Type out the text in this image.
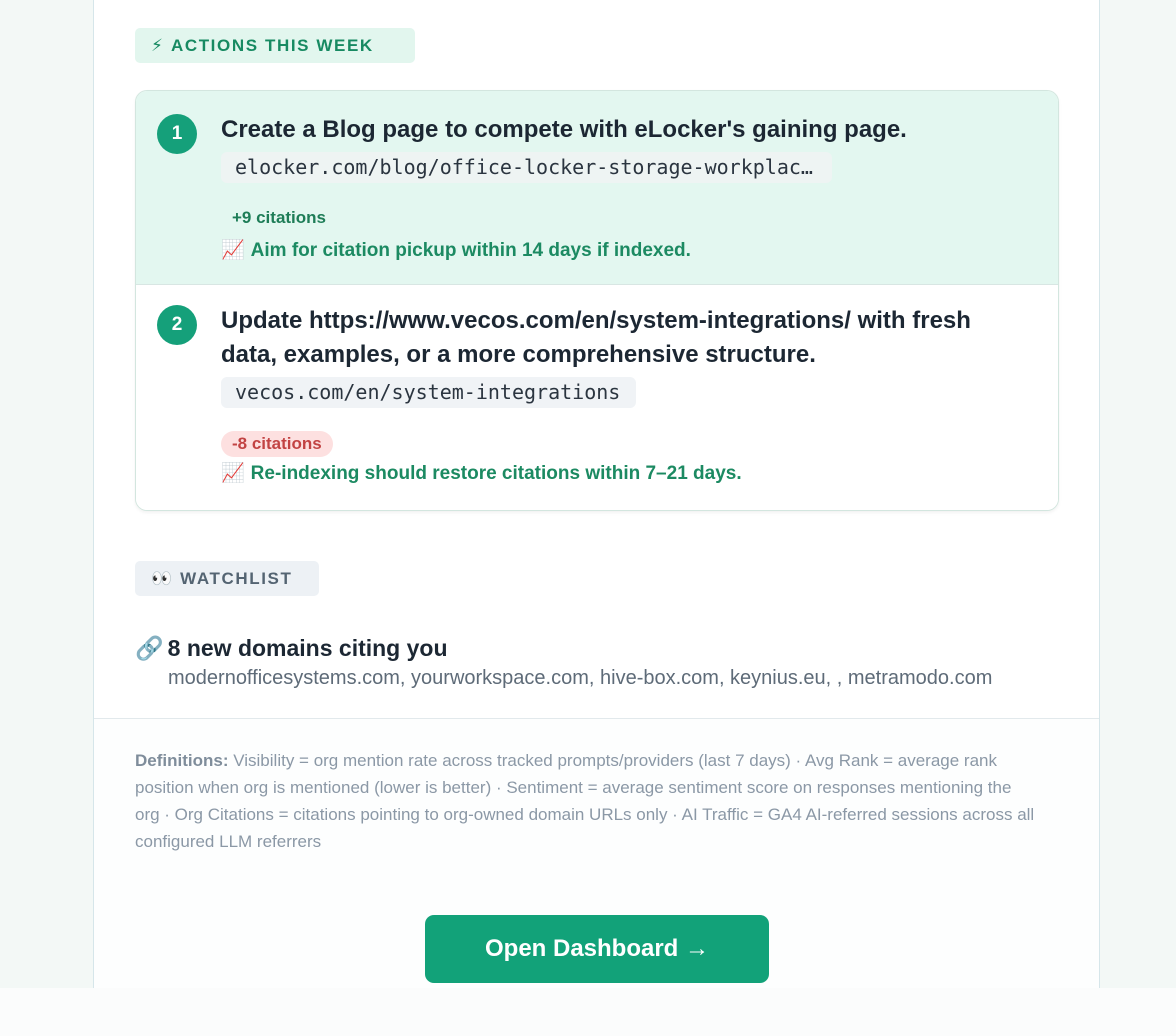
⚡ ACTIONS THIS WEEK
1	Create a Blog page to compete with eLocker's gaining page.
elocker.com/blog/office-locker-storage-workplac…
+9 citations
📈 Aim for citation pickup within 14 days if indexed.
2	Update https://www.vecos.com/en/system-integrations/ with fresh data, examples, or a more comprehensive structure.
vecos.com/en/system-integrations
-8 citations
📈 Re-indexing should restore citations within 7–21 days.
👀 WATCHLIST
🔗 8 new domains citing you
modernofficesystems.com, yourworkspace.com, hive-box.com, keynius.eu, , metramodo.com
Definitions: Visibility = org mention rate across tracked prompts/providers (last 7 days) · Avg Rank = average rank position when org is mentioned (lower is better) · Sentiment = average sentiment score on responses mentioning the org · Org Citations = citations pointing to org-owned domain URLs only · AI Traffic = GA4 AI-referred sessions across all configured LLM referrers
Open Dashboard →
